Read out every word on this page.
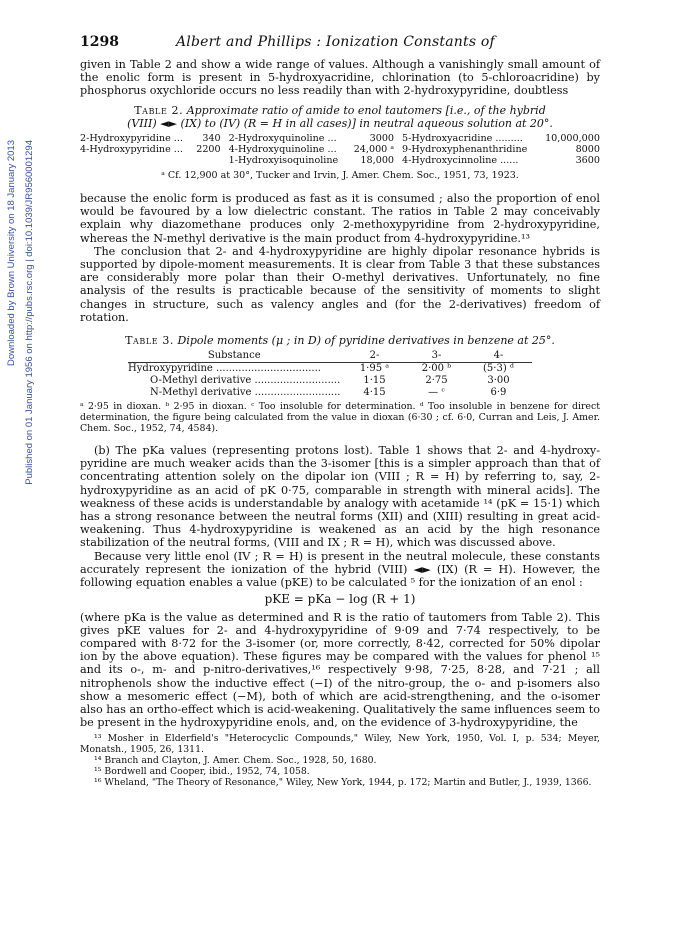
Downloaded by Brown University on 18 January 2013 Published on 01 January 1956 on http://pubs.rsc.org | doi:10.1039/JR9560001294
1298	Albert and Phillips : Ionization Constants of

given in Table 2 and show a wide range of values. Although a vanishingly small amount of the enolic form is present in 5-hydroxyacridine, chlorination (to 5-chloroacridine) by phosphorus oxychloride occurs no less readily than with 2-hydroxypyridine, doubtless

Table 2. Approximate ratio of amide to enol tautomers [i.e., of the hybrid
(VIII) ◄► (IX) to (IV) (R = H in all cases)] in neutral aqueous solution at 20°.
2-Hydroxypyridine ...	340	2-Hydroxyquinoline ...	3000	5-Hydroxyacridine .........	10,000,000
4-Hydroxypyridine ...	2200	4-Hydroxyquinoline ...	24,000 ᵃ	9-Hydroxyphenanthridine	8000
		1-Hydroxyisoquinoline	18,000	4-Hydroxycinnoline ......	3600
ᵃ Cf. 12,900 at 30°, Tucker and Irvin, J. Amer. Chem. Soc., 1951, 73, 1923.

because the enolic form is produced as fast as it is consumed ; also the proportion of enol would be favoured by a low dielectric constant. The ratios in Table 2 may conceivably explain why diazomethane produces only 2-methoxypyridine from 2-hydroxypyridine, whereas the N-methyl derivative is the main product from 4-hydroxypyridine.¹³

The conclusion that 2- and 4-hydroxypyridine are highly dipolar resonance hybrids is supported by dipole-moment measurements. It is clear from Table 3 that these substances are considerably more polar than their O-methyl derivatives. Unfortunately, no fine analysis of the results is practicable because of the sensitivity of moments to slight changes in structure, such as valency angles and (for the 2-derivatives) freedom of rotation.

Table 3. Dipole moments (μ ; in D) of pyridine derivatives in benzene at 25°.
Substance	2-	3-	4-
Hydroxypyridine .................................	1·95 ᵃ	2·00 ᵇ	(5·3) ᵈ
O-Methyl derivative ...........................	1·15	2·75	3·00
N-Methyl derivative ...........................	4·15	— ᶜ	6·9
ᵃ 2·95 in dioxan. ᵇ 2·95 in dioxan. ᶜ Too insoluble for determination. ᵈ Too insoluble in benzene for direct determination, the figure being calculated from the value in dioxan (6·30 ; cf. 6·0, Curran and Leis, J. Amer. Chem. Soc., 1952, 74, 4584).

(b) The pKa values (representing protons lost). Table 1 shows that 2- and 4-hydroxy-pyridine are much weaker acids than the 3-isomer [this is a simpler approach than that of concentrating attention solely on the dipolar ion (VIII ; R = H) by referring to, say, 2-hydroxypyridine as an acid of pK 0·75, comparable in strength with mineral acids]. The weakness of these acids is understandable by analogy with acetamide ¹⁴ (pK = 15·1) which has a strong resonance between the neutral forms (XII) and (XIII) resulting in great acid-weakening. Thus 4-hydroxypyridine is weakened as an acid by the high resonance stabilization of the neutral forms, (VIII and IX ; R = H), which was discussed above.

Because very little enol (IV ; R = H) is present in the neutral molecule, these constants accurately represent the ionization of the hybrid (VIII) ◄► (IX) (R = H). However, the following equation enables a value (pKE) to be calculated ⁵ for the ionization of an enol :

pKE = pKa − log (R + 1)

(where pKa is the value as determined and R is the ratio of tautomers from Table 2). This gives pKE values for 2- and 4-hydroxypyridine of 9·09 and 7·74 respectively, to be compared with 8·72 for the 3-isomer (or, more correctly, 8·42, corrected for 50% dipolar ion by the above equation). These figures may be compared with the values for phenol ¹⁵ and its o-, m- and p-nitro-derivatives,¹⁶ respectively 9·98, 7·25, 8·28, and 7·21 ; all nitrophenols show the inductive effect (−I) of the nitro-group, the o- and p-isomers also show a mesomeric effect (−M), both of which are acid-strengthening, and the o-isomer also has an ortho-effect which is acid-weakening. Qualitatively the same influences seem to be present in the hydroxypyridine enols, and, on the evidence of 3-hydroxypyridine, the

¹³ Mosher in Elderfield's "Heterocyclic Compounds," Wiley, New York, 1950, Vol. I, p. 534; Meyer, Monatsh., 1905, 26, 1311.

¹⁴ Branch and Clayton, J. Amer. Chem. Soc., 1928, 50, 1680.

¹⁵ Bordwell and Cooper, ibid., 1952, 74, 1058.

¹⁶ Wheland, "The Theory of Resonance," Wiley, New York, 1944, p. 172; Martin and Butler, J., 1939, 1366.
